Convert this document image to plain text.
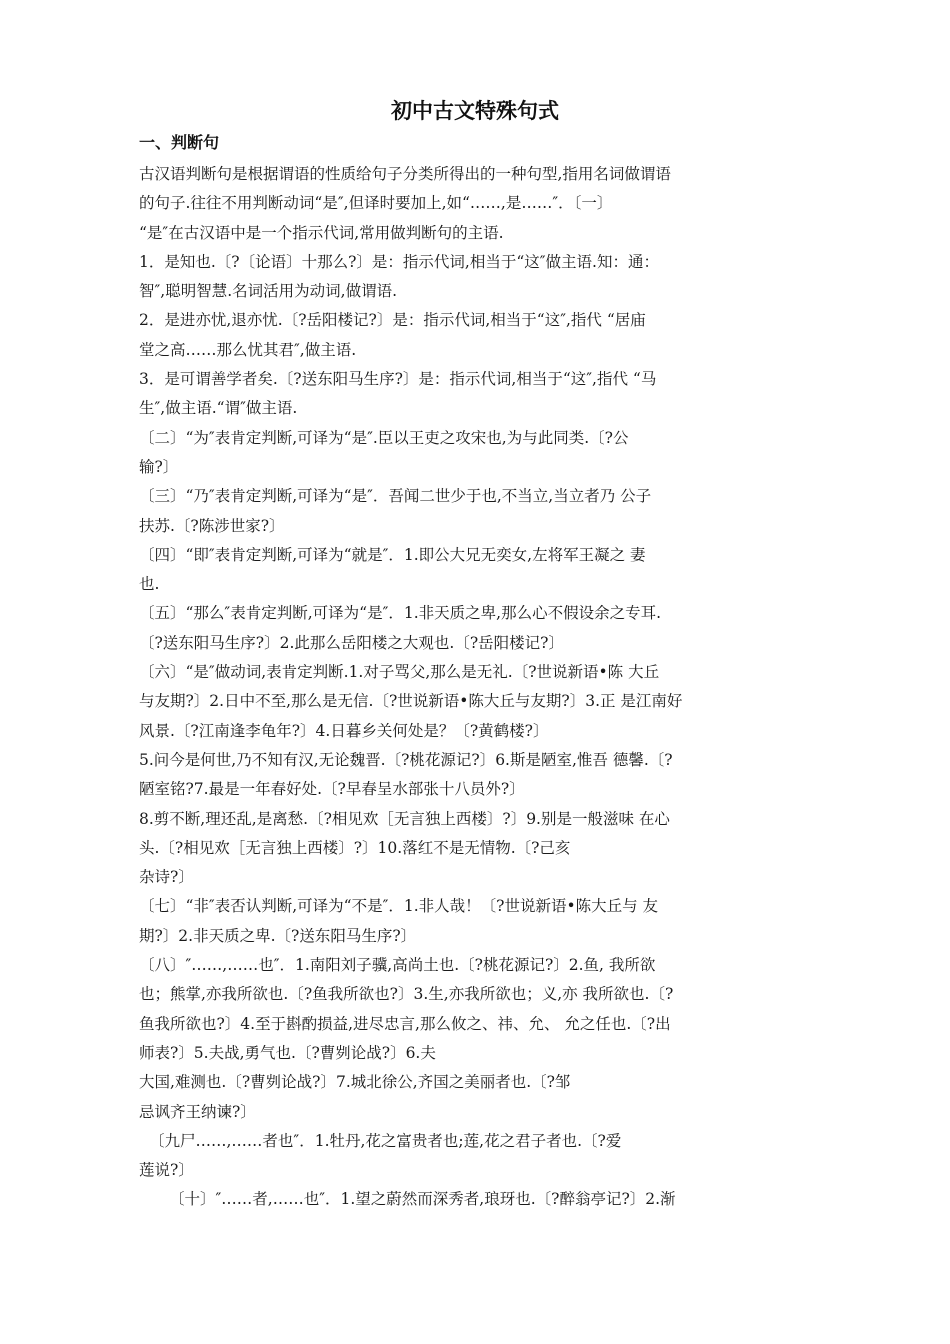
初中古文特殊句式
一、判断句
古汉语判断句是根据谓语的性质给句子分类所得出的一种句型,指用名词做谓语
的句子.往往不用判断动词“是″,但译时要加上,如“……,是……″．〔一〕
“是″在古汉语中是一个指示代词,常用做判断句的主语.
1．是知也.〔?〔论语〕十那么?〕是：指示代词,相当于“这″做主语.知：通：
智″,聪明智慧.名词活用为动词,做谓语.
2．是进亦忧,退亦忧.〔?岳阳楼记?〕是：指示代词,相当于“这″,指代 “居庙
堂之高……那么忧其君″,做主语.
3．是可谓善学者矣.〔?送东阳马生序?〕是：指示代词,相当于“这″,指代 “马
生″,做主语.“谓″做主语.
〔二〕“为″表肯定判断,可译为“是″.臣以王吏之攻宋也,为与此同类.〔?公
输?〕
〔三〕“乃″表肯定判断,可译为“是″．吾闻二世少于也,不当立,当立者乃 公子
扶苏.〔?陈涉世家?〕
〔四〕“即″表肯定判断,可译为“就是″．1.即公大兄无奕女,左将军王凝之 妻
也.
〔五〕“那么″表肯定判断,可译为“是″．1.非天质之卑,那么心不假设余之专耳.
〔?送东阳马生序?〕2.此那么岳阳楼之大观也.〔?岳阳楼记?〕
〔六〕“是″做动词,表肯定判断.1.对子骂父,那么是无礼.〔?世说新语•陈 大丘
与友期?〕2.日中不至,那么是无信.〔?世说新语•陈大丘与友期?〕3.正 是江南好
风景.〔?江南逢李龟年?〕4.日暮乡关何处是？〔?黄鹤楼?〕
5.问今是何世,乃不知有汉,无论魏晋.〔?桃花源记?〕6.斯是陋室,惟吾 德馨.〔?
陋室铭?7.最是一年春好处.〔?早春呈水部张十八员外?〕
8.剪不断,理还乱,是离愁.〔?相见欢［无言独上西楼〕?〕9.别是一般滋味 在心
头.〔?相见欢［无言独上西楼〕?〕10.落红不是无情物.〔?己亥
杂诗?〕
〔七〕“非″表否认判断,可译为“不是″．1.非人哉！〔?世说新语•陈大丘与 友
期?〕2.非天质之卑.〔?送东阳马生序?〕
〔八〕″……,……也″．1.南阳刘子骥,高尚土也.〔?桃花源记?〕2.鱼, 我所欲
也；熊掌,亦我所欲也.〔?鱼我所欲也?〕3.生,亦我所欲也；义,亦 我所欲也.〔?
鱼我所欲也?〕4.至于斟酌损益,进尽忠言,那么攸之、祎、允、 允之任也.〔?出
师表?〕5.夫战,勇气也.〔?曹刿论战?〕6.夫
大国,难测也.〔?曹刿论战?〕7.城北徐公,齐国之美丽者也.〔?邹
忌讽齐王纳谏?〕
〔九尸……,……者也″．1.牡丹,花之富贵者也;莲,花之君子者也.〔?爱
莲说?〕
〔十〕″……者,……也″．1.望之蔚然而深秀者,琅玡也.〔?醉翁亭记?〕2.渐
